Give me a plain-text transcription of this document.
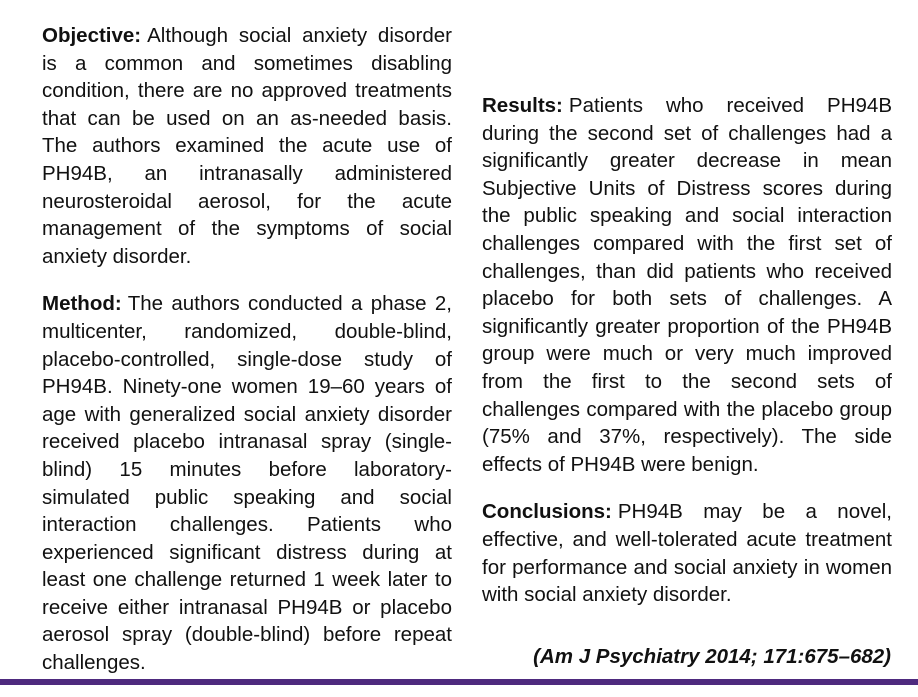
Objective: Although social anxiety disorder is a common and sometimes disabling condition, there are no approved treatments that can be used on an as-needed basis. The authors examined the acute use of PH94B, an intranasally administered neurosteroidal aerosol, for the acute management of the symptoms of social anxiety disorder.

Method: The authors conducted a phase 2, multicenter, randomized, double-blind, placebo-controlled, single-dose study of PH94B. Ninety-one women 19–60 years of age with generalized social anxiety disorder received placebo intranasal spray (single-blind) 15 minutes before laboratory-simulated public speaking and social interaction challenges. Patients who experienced significant distress during at least one challenge returned 1 week later to receive either intranasal PH94B or placebo aerosol spray (double-blind) before repeat challenges.

Results: Patients who received PH94B during the second set of challenges had a significantly greater decrease in mean Subjective Units of Distress scores during the public speaking and social interaction challenges compared with the first set of challenges, than did patients who received placebo for both sets of challenges. A significantly greater proportion of the PH94B group were much or very much improved from the first to the second sets of challenges compared with the placebo group (75% and 37%, respectively). The side effects of PH94B were benign.

Conclusions: PH94B may be a novel, effective, and well-tolerated acute treatment for performance and social anxiety in women with social anxiety disorder.

(Am J Psychiatry 2014; 171:675–682)
